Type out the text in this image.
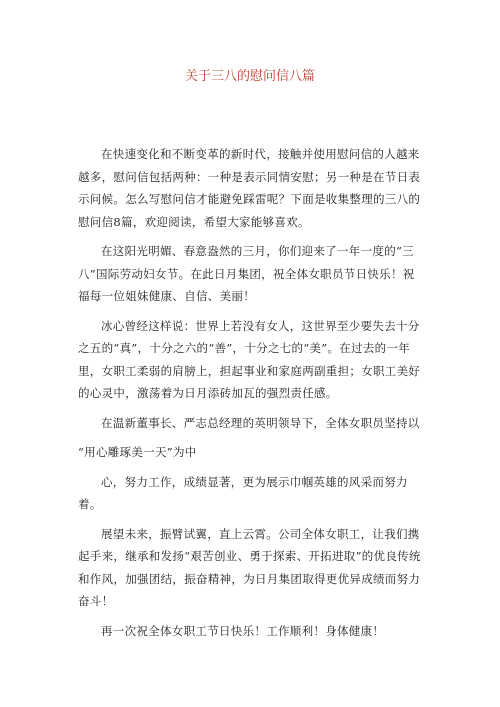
关于三八的慰问信八篇

在快速变化和不断变革的新时代，接触并使用慰问信的人越来越多，慰问信包括两种：一种是表示同情安慰；另一种是在节日表示问候。怎么写慰问信才能避免踩雷呢？下面是收集整理的三八的慰问信8篇，欢迎阅读，希望大家能够喜欢。

在这阳光明媚、春意盎然的三月，你们迎来了一年一度的“三八”国际劳动妇女节。在此日月集团，祝全体女职员节日快乐！祝福每一位姐妹健康、自信、美丽！

冰心曾经这样说：世界上若没有女人，这世界至少要失去十分之五的“真”，十分之六的“善”，十分之七的“美”。在过去的一年里，女职工柔弱的肩膀上，担起事业和家庭两副重担；女职工美好的心灵中，激荡着为日月添砖加瓦的强烈责任感。

在温新董事长、严志总经理的英明领导下，全体女职员坚持以

“用心雕琢美一天”为中

心，努力工作，成绩显著，更为展示巾帼英雄的风采而努力着。

展望未来，振臂试翼，直上云霄。公司全体女职工，让我们携起手来，继承和发扬“艰苦创业、勇于探索、开拓进取”的优良传统和作风，加强团结，振奋精神，为日月集团取得更优异成绩而努力奋斗！

再一次祝全体女职工节日快乐！工作顺利！身体健康！
